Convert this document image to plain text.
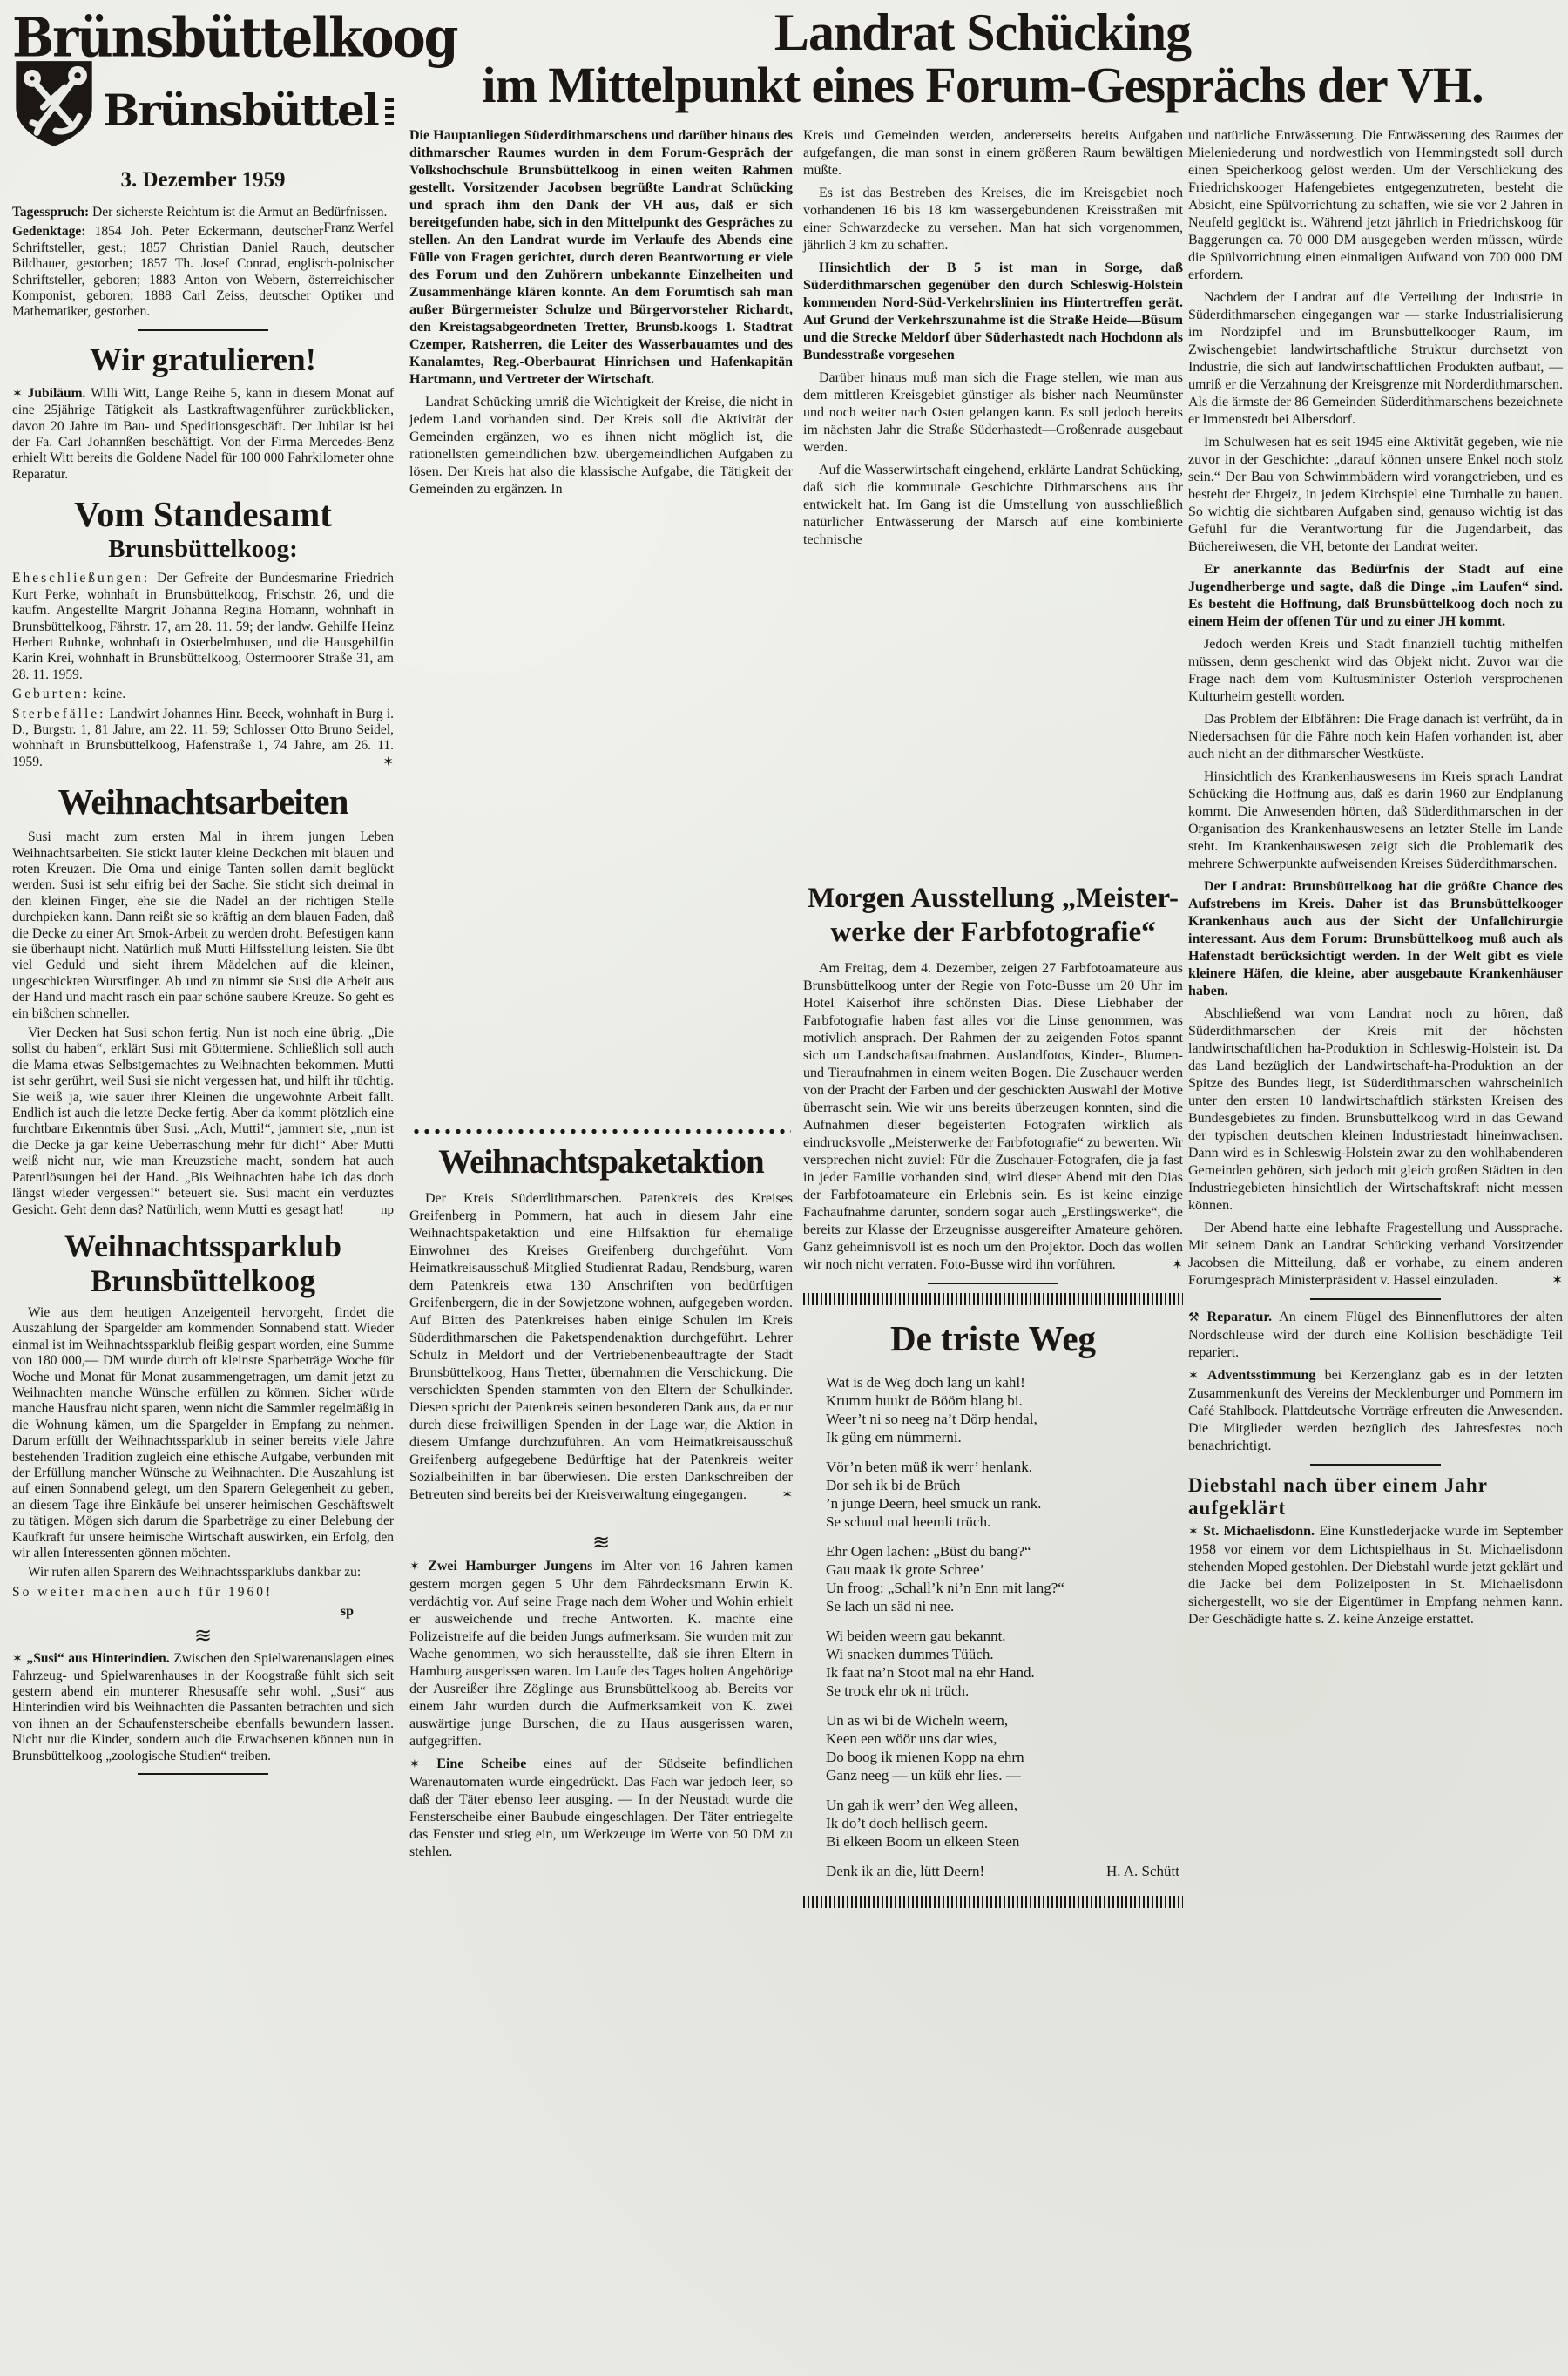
Landrat Schücking
im Mittelpunkt eines Forum-Gesprächs der VH.
Brünsbüttelkoog
Brünsbüttel
3. Dezember 1959

Tagesspruch: Der sicherste Reichtum ist die Armut an Bedürfnissen.
Franz Werfel

Gedenktage: 1854 Joh. Peter Eckermann, deutscher Schriftsteller, gest.; 1857 Christian Daniel Rauch, deutscher Bildhauer, gestorben; 1857 Th. Josef Conrad, englisch-polnischer Schriftsteller, geboren; 1883 Anton von Webern, österreichischer Komponist, geboren; 1888 Carl Zeiss, deutscher Optiker und Mathematiker, gestorben.

Wir gratulieren!

✶ Jubiläum. Willi Witt, Lange Reihe 5, kann in diesem Monat auf eine 25jährige Tätigkeit als Lastkraftwagenführer zurückblicken, davon 20 Jahre im Bau- und Speditionsgeschäft. Der Jubilar ist bei der Fa. Carl Johannßen beschäftigt. Von der Firma Mercedes-Benz erhielt Witt bereits die Goldene Nadel für 100 000 Fahrkilometer ohne Reparatur.

Vom Standesamt
Brunsbüttelkoog:

Eheschließungen: Der Gefreite der Bundesmarine Friedrich Kurt Perke, wohnhaft in Brunsbüttelkoog, Frischstr. 26, und die kaufm. Angestellte Margrit Johanna Regina Homann, wohnhaft in Brunsbüttelkoog, Fährstr. 17, am 28. 11. 59; der landw. Gehilfe Heinz Herbert Ruhnke, wohnhaft in Osterbelmhusen, und die Hausgehilfin Karin Krei, wohnhaft in Brunsbüttelkoog, Ostermoorer Straße 31, am 28. 11. 1959.

Geburten: keine.

Sterbefälle: Landwirt Johannes Hinr. Beeck, wohnhaft in Burg i. D., Burgstr. 1, 81 Jahre, am 22. 11. 59; Schlosser Otto Bruno Seidel, wohnhaft in Brunsbüttelkoog, Hafenstraße 1, 74 Jahre, am 26. 11. 1959.	✶

Weihnachtsarbeiten

Susi macht zum ersten Mal in ihrem jungen Leben Weihnachtsarbeiten. Sie stickt lauter kleine Deckchen mit blauen und roten Kreuzen. Die Oma und einige Tanten sollen damit beglückt werden. Susi ist sehr eifrig bei der Sache. Sie sticht sich dreimal in den kleinen Finger, ehe sie die Nadel an der richtigen Stelle durchpieken kann. Dann reißt sie so kräftig an dem blauen Faden, daß die Decke zu einer Art Smok-Arbeit zu werden droht. Befestigen kann sie überhaupt nicht. Natürlich muß Mutti Hilfsstellung leisten. Sie übt viel Geduld und sieht ihrem Mädelchen auf die kleinen, ungeschickten Wurstfinger. Ab und zu nimmt sie Susi die Arbeit aus der Hand und macht rasch ein paar schöne saubere Kreuze. So geht es ein bißchen schneller.

Vier Decken hat Susi schon fertig. Nun ist noch eine übrig. „Die sollst du haben“, erklärt Susi mit Göttermiene. Schließlich soll auch die Mama etwas Selbstgemachtes zu Weihnachten bekommen. Mutti ist sehr gerührt, weil Susi sie nicht vergessen hat, und hilft ihr tüchtig. Sie weiß ja, wie sauer ihrer Kleinen die ungewohnte Arbeit fällt. Endlich ist auch die letzte Decke fertig. Aber da kommt plötzlich eine furchtbare Erkenntnis über Susi. „Ach, Mutti!“, jammert sie, „nun ist die Decke ja gar keine Ueberraschung mehr für dich!“ Aber Mutti weiß nicht nur, wie man Kreuzstiche macht, sondern hat auch Patentlösungen bei der Hand. „Bis Weihnachten habe ich das doch längst wieder vergessen!“ beteuert sie. Susi macht ein verduztes Gesicht. Geht denn das? Natürlich, wenn Mutti es gesagt hat!	np

Weihnachtssparklub
Brunsbüttelkoog

Wie aus dem heutigen Anzeigenteil hervorgeht, findet die Auszahlung der Spargelder am kommenden Sonnabend statt. Wieder einmal ist im Weihnachtssparklub fleißig gespart worden, eine Summe von 180 000,— DM wurde durch oft kleinste Sparbeträge Woche für Woche und Monat für Monat zusammengetragen, um damit jetzt zu Weihnachten manche Wünsche erfüllen zu können. Sicher würde manche Hausfrau nicht sparen, wenn nicht die Sammler regelmäßig in die Wohnung kämen, um die Spargelder in Empfang zu nehmen. Darum erfüllt der Weihnachtssparklub in seiner bereits viele Jahre bestehenden Tradition zugleich eine ethische Aufgabe, verbunden mit der Erfüllung mancher Wünsche zu Weihnachten. Die Auszahlung ist auf einen Sonnabend gelegt, um den Sparern Gelegenheit zu geben, an diesem Tage ihre Einkäufe bei unserer heimischen Geschäftswelt zu tätigen. Mögen sich darum die Sparbeträge zu einer Belebung der Kaufkraft für unsere heimische Wirtschaft auswirken, ein Erfolg, den wir allen Interessenten gönnen möchten.

Wir rufen allen Sparern des Weihnachtssparklubs dankbar zu:

So weiter machen auch für 1960!

sp
≋

✶ „Susi“ aus Hinterindien. Zwischen den Spielwarenauslagen eines Fahrzeug- und Spielwarenhauses in der Koogstraße fühlt sich seit gestern abend ein munterer Rhesusaffe sehr wohl. „Susi“ aus Hinterindien wird bis Weihnachten die Passanten betrachten und sich von ihnen an der Schaufensterscheibe ebenfalls bewundern lassen. Nicht nur die Kinder, sondern auch die Erwachsenen können nun in Brunsbüttelkoog „zoologische Studien“ treiben.

Die Hauptanliegen Süderdithmarschens und darüber hinaus des dithmarscher Raumes wurden in dem Forum-Gespräch der Volkshochschule Brunsbüttelkoog in einen weiten Rahmen gestellt. Vorsitzender Jacobsen begrüßte Landrat Schücking und sprach ihm den Dank der VH aus, daß er sich bereitgefunden habe, sich in den Mittelpunkt des Gespräches zu stellen. An den Landrat wurde im Verlaufe des Abends eine Fülle von Fragen gerichtet, durch deren Beantwortung er viele des Forum und den Zuhörern unbekannte Einzelheiten und Zusammenhänge klären konnte. An dem Forumtisch sah man außer Bürgermeister Schulze und Bürgervorsteher Richardt, den Kreistagsabgeordneten Tretter, Brunsb.koogs 1. Stadtrat Czemper, Ratsherren, die Leiter des Wasserbauamtes und des Kanalamtes, Reg.-Oberbaurat Hinrichsen und Hafenkapitän Hartmann, und Vertreter der Wirtschaft.

Landrat Schücking umriß die Wichtigkeit der Kreise, die nicht in jedem Land vorhanden sind. Der Kreis soll die Aktivität der Gemeinden ergänzen, wo es ihnen nicht möglich ist, die rationellsten gemeindlichen bzw. übergemeindlichen Aufgaben zu lösen. Der Kreis hat also die klassische Aufgabe, die Tätigkeit der Gemeinden zu ergänzen. In

Weihnachtspaketaktion

Der Kreis Süderdithmarschen. Patenkreis des Kreises Greifenberg in Pommern, hat auch in diesem Jahr eine Weihnachtspaketaktion und eine Hilfsaktion für ehemalige Einwohner des Kreises Greifenberg durchgeführt. Vom Heimatkreisausschuß-Mitglied Studienrat Radau, Rendsburg, waren dem Patenkreis etwa 130 Anschriften von bedürftigen Greifenbergern, die in der Sowjetzone wohnen, aufgegeben worden. Auf Bitten des Patenkreises haben einige Schulen im Kreis Süderdithmarschen die Paketspendenaktion durchgeführt. Lehrer Schulz in Meldorf und der Vertriebenenbeauftragte der Stadt Brunsbüttelkoog, Hans Tretter, übernahmen die Verschickung. Die verschickten Spenden stammten von den Eltern der Schulkinder. Diesen spricht der Patenkreis seinen besonderen Dank aus, da er nur durch diese freiwilligen Spenden in der Lage war, die Aktion in diesem Umfange durchzuführen. An vom Heimatkreisausschuß Greifenberg aufgegebene Bedürftige hat der Patenkreis weiter Sozialbeihilfen in bar überwiesen. Die ersten Dankschreiben der Betreuten sind bereits bei der Kreisverwaltung eingegangen.	✶

≋

✶ Zwei Hamburger Jungens im Alter von 16 Jahren kamen gestern morgen gegen 5 Uhr dem Fährdecksmann Erwin K. verdächtig vor. Auf seine Frage nach dem Woher und Wohin erhielt er ausweichende und freche Antworten. K. machte eine Polizeistreife auf die beiden Jungs aufmerksam. Sie wurden mit zur Wache genommen, wo sich herausstellte, daß sie ihren Eltern in Hamburg ausgerissen waren. Im Laufe des Tages holten Angehörige der Ausreißer ihre Zöglinge aus Brunsbüttelkoog ab. Bereits vor einem Jahr wurden durch die Aufmerksamkeit von K. zwei auswärtige junge Burschen, die zu Haus ausgerissen waren, aufgegriffen.

✶ Eine Scheibe eines auf der Südseite befindlichen Warenautomaten wurde eingedrückt. Das Fach war jedoch leer, so daß der Täter ebenso leer ausging. — In der Neustadt wurde die Fensterscheibe einer Baubude eingeschlagen. Der Täter entriegelte das Fenster und stieg ein, um Werkzeuge im Werte von 50 DM zu stehlen.

Kreis und Gemeinden werden, andererseits bereits Aufgaben aufgefangen, die man sonst in einem größeren Raum bewältigen müßte.

Es ist das Bestreben des Kreises, die im Kreisgebiet noch vorhandenen 16 bis 18 km wassergebundenen Kreisstraßen mit einer Schwarzdecke zu versehen. Man hat sich vorgenommen, jährlich 3 km zu schaffen.

Hinsichtlich der B 5 ist man in Sorge, daß Süderdithmarschen gegenüber den durch Schleswig-Holstein kommenden Nord-Süd-Verkehrslinien ins Hintertreffen gerät. Auf Grund der Verkehrszunahme ist die Straße Heide—Büsum und die Strecke Meldorf über Süderhastedt nach Hochdonn als Bundesstraße vorgesehen

Darüber hinaus muß man sich die Frage stellen, wie man aus dem mittleren Kreisgebiet günstiger als bisher nach Neumünster und noch weiter nach Osten gelangen kann. Es soll jedoch bereits im nächsten Jahr die Straße Süderhastedt—Großenrade ausgebaut werden.

Auf die Wasserwirtschaft eingehend, erklärte Landrat Schücking, daß sich die kommunale Geschichte Dithmarschens aus ihr entwickelt hat. Im Gang ist die Umstellung von ausschließlich natürlicher Entwässerung der Marsch auf eine kombinierte technische

Morgen Ausstellung „Meister-
werke der Farbfotografie“

Am Freitag, dem 4. Dezember, zeigen 27 Farbfotoamateure aus Brunsbüttelkoog unter der Regie von Foto-Busse um 20 Uhr im Hotel Kaiserhof ihre schönsten Dias. Diese Liebhaber der Farbfotografie haben fast alles vor die Linse genommen, was motivlich ansprach. Der Rahmen der zu zeigenden Fotos spannt sich um Landschaftsaufnahmen. Auslandfotos, Kinder-, Blumen- und Tieraufnahmen in einem weiten Bogen. Die Zuschauer werden von der Pracht der Farben und der geschickten Auswahl der Motive überrascht sein. Wie wir uns bereits überzeugen konnten, sind die Aufnahmen dieser begeisterten Fotografen wirklich als eindrucksvolle „Meisterwerke der Farbfotografie“ zu bewerten. Wir versprechen nicht zuviel: Für die Zuschauer-Fotografen, die ja fast in jeder Familie vorhanden sind, wird dieser Abend mit den Dias der Farbfotoamateure ein Erlebnis sein. Es ist keine einzige Fachaufnahme darunter, sondern sogar auch „Erstlingswerke“, die bereits zur Klasse der Erzeugnisse ausgereifter Amateure gehören. Ganz geheimnisvoll ist es noch um den Projektor. Doch das wollen wir noch nicht verraten. Foto-Busse wird ihn vorführen.	✶

De triste Weg
Wat is de Weg doch lang un kahl!
Krumm huukt de Bööm blang bi.
Weer’t ni so neeg na’t Dörp hendal,
Ik güng em nümmerni.
Vör’n beten müß ik werr’ henlank.
Dor seh ik bi de Brüch
’n junge Deern, heel smuck un rank.
Se schuul mal heemli trüch.
Ehr Ogen lachen: „Büst du bang?“
Gau maak ik grote Schree’
Un froog: „Schall’k ni’n Enn mit lang?“
Se lach un säd ni nee.
Wi beiden weern gau bekannt.
Wi snacken dummes Tüüch.
Ik faat na’n Stoot mal na ehr Hand.
Se trock ehr ok ni trüch.
Un as wi bi de Wicheln weern,
Keen een wöör uns dar wies,
Do boog ik mienen Kopp na ehrn
Ganz neeg — un küß ehr lies. —
Un gah ik werr’ den Weg alleen,
Ik do’t doch hellisch geern.
Bi elkeen Boom un elkeen Steen
Denk ik an die, lütt Deern!	H. A. Schütt

und natürliche Entwässerung. Die Entwässerung des Raumes der Mieleniederung und nordwestlich von Hemmingstedt soll durch einen Speicherkoog gelöst werden. Um der Verschlickung des Friedrichskooger Hafengebietes entgegenzutreten, besteht die Absicht, eine Spülvorrichtung zu schaffen, wie sie vor 2 Jahren in Neufeld geglückt ist. Während jetzt jährlich in Friedrichskoog für Baggerungen ca. 70 000 DM ausgegeben werden müssen, würde die Spülvorrichtung einen einmaligen Aufwand von 700 000 DM erfordern.

Nachdem der Landrat auf die Verteilung der Industrie in Süderdithmarschen eingegangen war — starke Industrialisierung im Nordzipfel und im Brunsbüttelkooger Raum, im Zwischengebiet landwirtschaftliche Struktur durchsetzt von Industrie, die sich auf landwirtschaftlichen Produkten aufbaut, — umriß er die Verzahnung der Kreisgrenze mit Norderdithmarschen. Als die ärmste der 86 Gemeinden Süderdithmarschens bezeichnete er Immenstedt bei Albersdorf.

Im Schulwesen hat es seit 1945 eine Aktivität gegeben, wie nie zuvor in der Geschichte: „darauf können unsere Enkel noch stolz sein.“ Der Bau von Schwimmbädern wird vorangetrieben, und es besteht der Ehrgeiz, in jedem Kirchspiel eine Turnhalle zu bauen. So wichtig die sichtbaren Aufgaben sind, genauso wichtig ist das Gefühl für die Verantwortung für die Jugendarbeit, das Büchereiwesen, die VH, betonte der Landrat weiter.

Er anerkannte das Bedürfnis der Stadt auf eine Jugendherberge und sagte, daß die Dinge „im Laufen“ sind. Es besteht die Hoffnung, daß Brunsbüttelkoog doch noch zu einem Heim der offenen Tür und zu einer JH kommt.

Jedoch werden Kreis und Stadt finanziell tüchtig mithelfen müssen, denn geschenkt wird das Objekt nicht. Zuvor war die Frage nach dem vom Kultusminister Osterloh versprochenen Kulturheim gestellt worden.

Das Problem der Elbfähren: Die Frage danach ist verfrüht, da in Niedersachsen für die Fähre noch kein Hafen vorhanden ist, aber auch nicht an der dithmarscher Westküste.

Hinsichtlich des Krankenhauswesens im Kreis sprach Landrat Schücking die Hoffnung aus, daß es darin 1960 zur Endplanung kommt. Die Anwesenden hörten, daß Süderdithmarschen in der Organisation des Krankenhauswesens an letzter Stelle im Lande steht. Im Krankenhauswesen zeigt sich die Problematik des mehrere Schwerpunkte aufweisenden Kreises Süderdithmarschen.

Der Landrat: Brunsbüttelkoog hat die größte Chance des Aufstrebens im Kreis. Daher ist das Brunsbüttelkooger Krankenhaus auch aus der Sicht der Unfallchirurgie interessant. Aus dem Forum: Brunsbüttelkoog muß auch als Hafenstadt berücksichtigt werden. In der Welt gibt es viele kleinere Häfen, die kleine, aber ausgebaute Krankenhäuser haben.

Abschließend war vom Landrat noch zu hören, daß Süderdithmarschen der Kreis mit der höchsten landwirtschaftlichen ha-Produktion in Schleswig-Holstein ist. Da das Land bezüglich der Landwirtschaft-ha-Produktion an der Spitze des Bundes liegt, ist Süderdithmarschen wahrscheinlich unter den ersten 10 landwirtschaftlich stärksten Kreisen des Bundesgebietes zu finden. Brunsbüttelkoog wird in das Gewand der typischen deutschen kleinen Industriestadt hineinwachsen. Dann wird es in Schleswig-Holstein zwar zu den wohlhabenderen Gemeinden gehören, sich jedoch mit gleich großen Städten in den Industriegebieten hinsichtlich der Wirtschaftskraft nicht messen können.

Der Abend hatte eine lebhafte Fragestellung und Aussprache. Mit seinem Dank an Landrat Schücking verband Vorsitzender Jacobsen die Mitteilung, daß er vorhabe, zu einem anderen Forumgespräch Ministerpräsident v. Hassel einzuladen.	✶

⚒ Reparatur. An einem Flügel des Binnenfluttores der alten Nordschleuse wird der durch eine Kollision beschädigte Teil repariert.

✶ Adventsstimmung bei Kerzenglanz gab es in der letzten Zusammenkunft des Vereins der Mecklenburger und Pommern im Café Stahlbock. Plattdeutsche Vorträge erfreuten die Anwesenden. Die Mitglieder werden bezüglich des Jahresfestes noch benachrichtigt.

Diebstahl nach über einem Jahr aufgeklärt

✶ St. Michaelisdonn. Eine Kunstlederjacke wurde im September 1958 vor einem vor dem Lichtspielhaus in St. Michaelisdonn stehenden Moped gestohlen. Der Diebstahl wurde jetzt geklärt und die Jacke bei dem Polizeiposten in St. Michaelisdonn sichergestellt, wo sie der Eigentümer in Empfang nehmen kann. Der Geschädigte hatte s. Z. keine Anzeige erstattet.
